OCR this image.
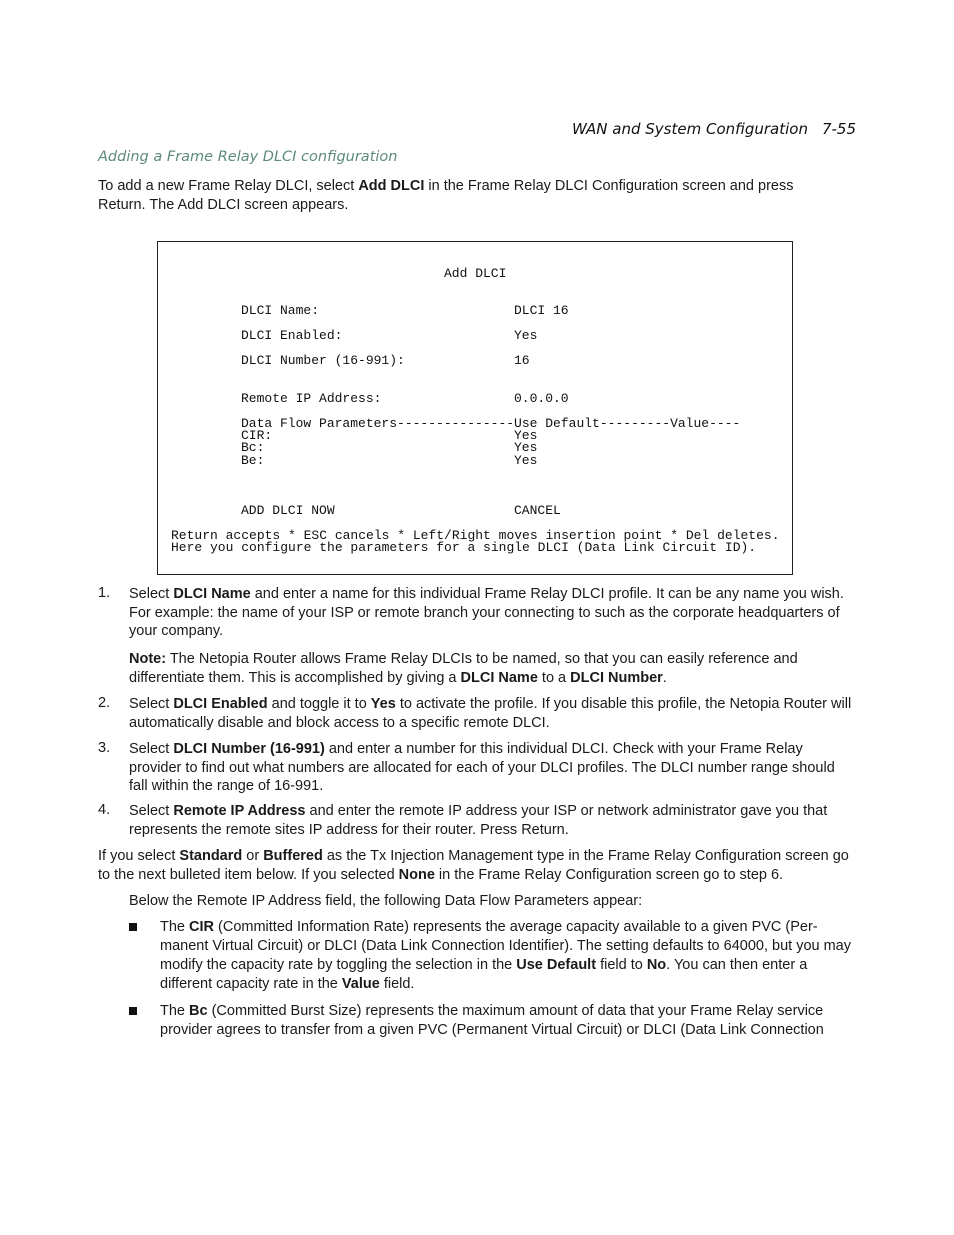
WAN and System Configuration 7-55
Adding a Frame Relay DLCI configuration

To add a new Frame Relay DLCI, select Add DLCI in the Frame Relay DLCI Configuration screen and press Return. The Add DLCI screen appears.

Add DLCI
DLCI Name:	DLCI 16
DLCI Enabled:	Yes
DLCI Number (16-991):	16
Remote IP Address:	0.0.0.0
Data Flow Parameters---------------Use Default---------Value----
CIR:	Yes
Bc:	Yes
Be:	Yes
ADD DLCI NOW	CANCEL
Return accepts * ESC cancels * Left/Right moves insertion point * Del deletes.
Here you configure the parameters for a single DLCI (Data Link Circuit ID).
1. Select DLCI Name and enter a name for this individual Frame Relay DLCI profile. It can be any name you wish. For example: the name of your ISP or remote branch your connecting to such as the corporate headquarters of your company.

Note: The Netopia Router allows Frame Relay DLCIs to be named, so that you can easily reference and differentiate them. This is accomplished by giving a DLCI Name to a DLCI Number.

2. Select DLCI Enabled and toggle it to Yes to activate the profile. If you disable this profile, the Netopia Router will automatically disable and block access to a specific remote DLCI.

3. Select DLCI Number (16-991) and enter a number for this individual DLCI. Check with your Frame Relay provider to find out what numbers are allocated for each of your DLCI profiles. The DLCI number range should fall within the range of 16-991.

4. Select Remote IP Address and enter the remote IP address your ISP or network administrator gave you that represents the remote sites IP address for their router. Press Return.

If you select Standard or Buffered as the Tx Injection Management type in the Frame Relay Configuration screen go to the next bulleted item below. If you selected None in the Frame Relay Configuration screen go to step 6.

Below the Remote IP Address field, the following Data Flow Parameters appear:

The CIR (Committed Information Rate) represents the average capacity available to a given PVC (Per-manent Virtual Circuit) or DLCI (Data Link Connection Identifier). The setting defaults to 64000, but you may modify the capacity rate by toggling the selection in the Use Default field to No. You can then enter a different capacity rate in the Value field.

The Bc (Committed Burst Size) represents the maximum amount of data that your Frame Relay service provider agrees to transfer from a given PVC (Permanent Virtual Circuit) or DLCI (Data Link Connection
